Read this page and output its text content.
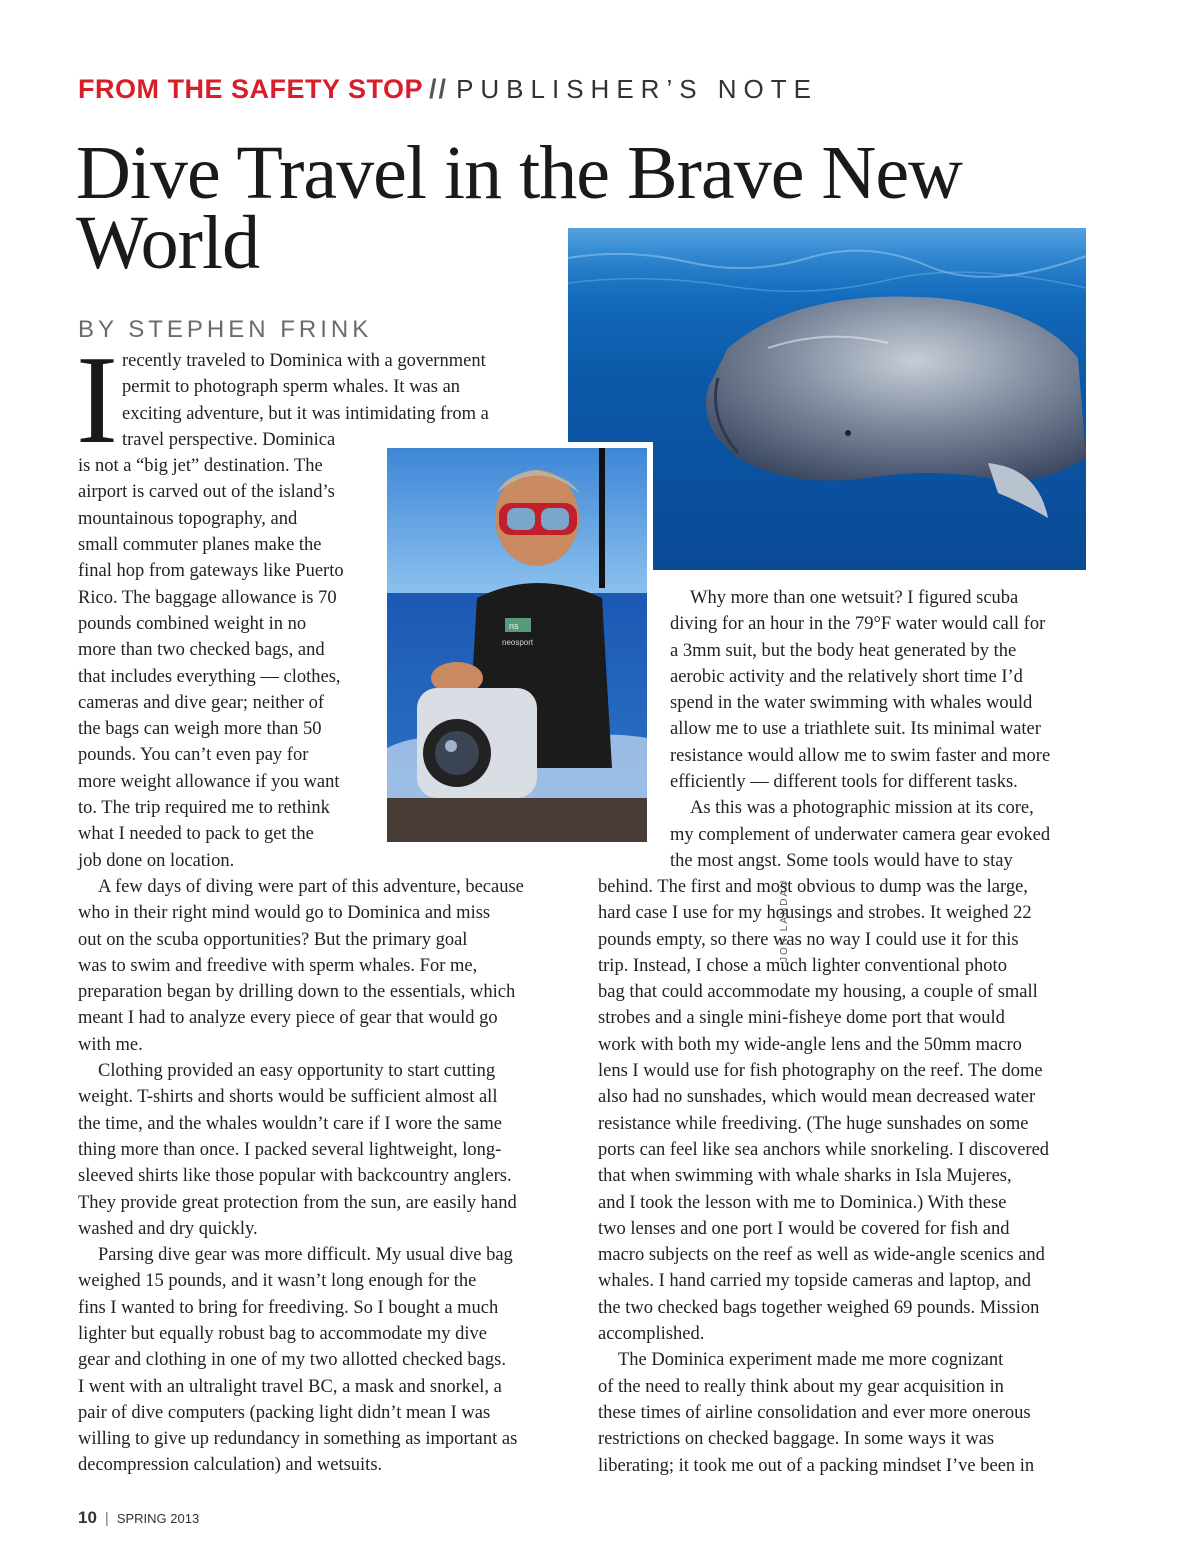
FROM THE SAFETY STOP // PUBLISHER’S NOTE
Dive Travel in the Brave New
World
BY STEPHEN FRINK
STEPHEN FRINK
ns
neosport
JON LANDAU
I recently traveled to Dominica with a government
permit to photograph sperm whales. It was an
exciting adventure, but it was intimidating from a
travel perspective. Dominica
is not a “big jet” destination. The
airport is carved out of the island’s
mountainous topography, and
small commuter planes make the
final hop from gateways like Puerto
Rico. The baggage allowance is 70
pounds combined weight in no
more than two checked bags, and
that includes everything — clothes,
cameras and dive gear; neither of
the bags can weigh more than 50
pounds. You can’t even pay for
more weight allowance if you want
to. The trip required me to rethink
what I needed to pack to get the
job done on location.
A few days of diving were part of this adventure, because
who in their right mind would go to Dominica and miss
out on the scuba opportunities? But the primary goal
was to swim and freedive with sperm whales. For me,
preparation began by drilling down to the essentials, which
meant I had to analyze every piece of gear that would go
with me.
Clothing provided an easy opportunity to start cutting
weight. T-shirts and shorts would be sufficient almost all
the time, and the whales wouldn’t care if I wore the same
thing more than once. I packed several lightweight, long-
sleeved shirts like those popular with backcountry anglers.
They provide great protection from the sun, are easily hand
washed and dry quickly.
Parsing dive gear was more difficult. My usual dive bag
weighed 15 pounds, and it wasn’t long enough for the
fins I wanted to bring for freediving. So I bought a much
lighter but equally robust bag to accommodate my dive
gear and clothing in one of my two allotted checked bags.
I went with an ultralight travel BC, a mask and snorkel, a
pair of dive computers (packing light didn’t mean I was
willing to give up redundancy in something as important as
decompression calculation) and wetsuits.
Why more than one wetsuit? I figured scuba
diving for an hour in the 79°F water would call for
a 3mm suit, but the body heat generated by the
aerobic activity and the relatively short time I’d
spend in the water swimming with whales would
allow me to use a triathlete suit. Its minimal water
resistance would allow me to swim faster and more
efficiently — different tools for different tasks.
As this was a photographic mission at its core,
my complement of underwater camera gear evoked
the most angst. Some tools would have to stay
behind. The first and most obvious to dump was the large,
hard case I use for my housings and strobes. It weighed 22
pounds empty, so there was no way I could use it for this
trip. Instead, I chose a much lighter conventional photo
bag that could accommodate my housing, a couple of small
strobes and a single mini-fisheye dome port that would
work with both my wide-angle lens and the 50mm macro
lens I would use for fish photography on the reef. The dome
also had no sunshades, which would mean decreased water
resistance while freediving. (The huge sunshades on some
ports can feel like sea anchors while snorkeling. I discovered
that when swimming with whale sharks in Isla Mujeres,
and I took the lesson with me to Dominica.) With these
two lenses and one port I would be covered for fish and
macro subjects on the reef as well as wide-angle scenics and
whales. I hand carried my topside cameras and laptop, and
the two checked bags together weighed 69 pounds. Mission
accomplished.
The Dominica experiment made me more cognizant
of the need to really think about my gear acquisition in
these times of airline consolidation and ever more onerous
restrictions on checked baggage. In some ways it was
liberating; it took me out of a packing mindset I’ve been in
10 | SPRING 2013
